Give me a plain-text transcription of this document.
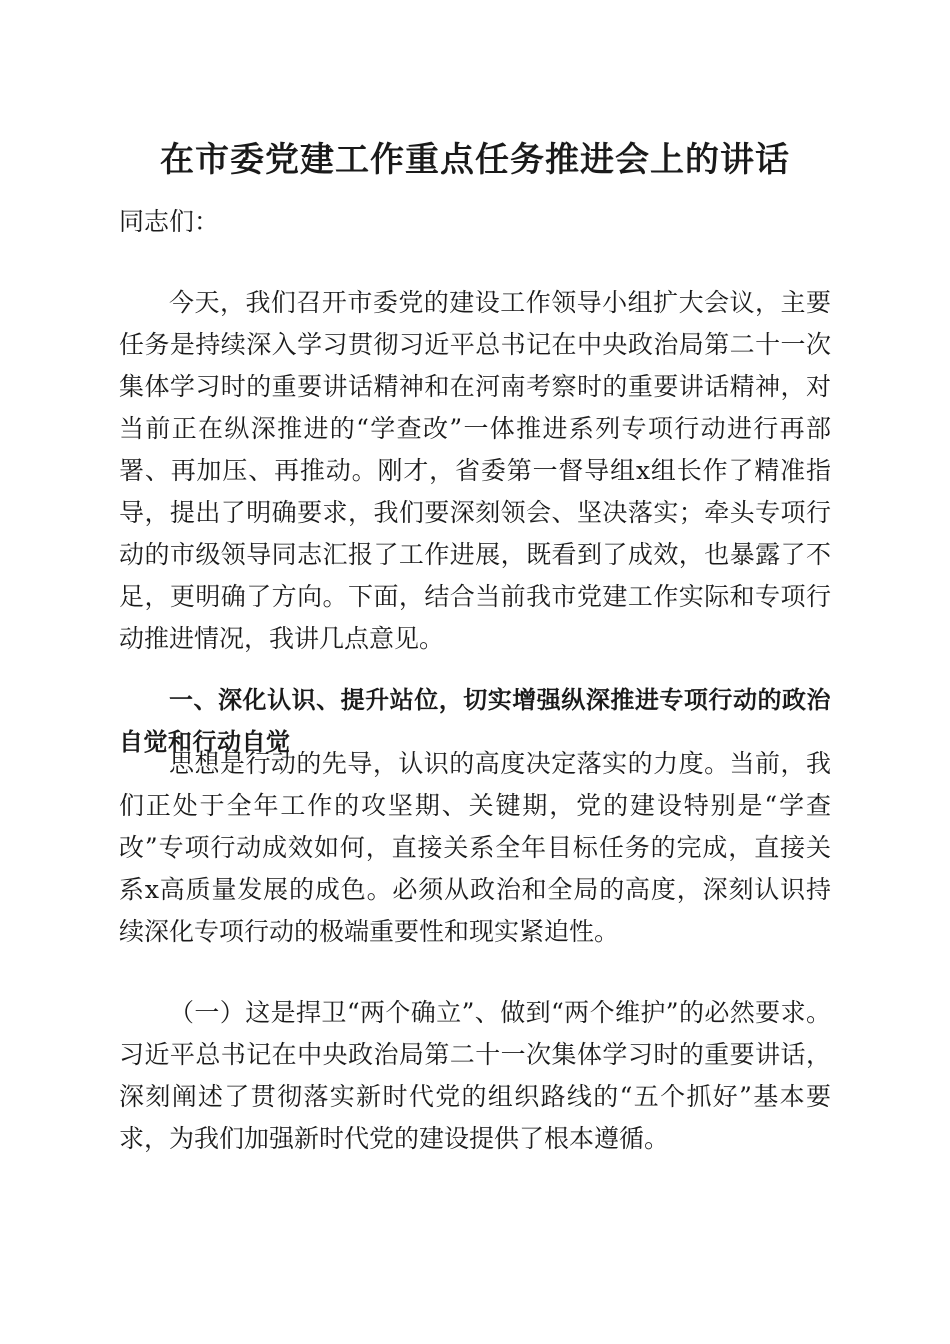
在市委党建工作重点任务推进会上的讲话

同志们：

今天，我们召开市委党的建设工作领导小组扩大会议，主要任务是持续深入学习贯彻习近平总书记在中央政治局第二十一次集体学习时的重要讲话精神和在河南考察时的重要讲话精神，对当前正在纵深推进的“学查改”一体推进系列专项行动进行再部署、再加压、再推动。刚才，省委第一督导组x组长作了精准指导，提出了明确要求，我们要深刻领会、坚决落实；牵头专项行动的市级领导同志汇报了工作进展，既看到了成效，也暴露了不足，更明确了方向。下面，结合当前我市党建工作实际和专项行动推进情况，我讲几点意见。

一、深化认识、提升站位，切实增强纵深推进专项行动的政治自觉和行动自觉

思想是行动的先导，认识的高度决定落实的力度。当前，我们正处于全年工作的攻坚期、关键期，党的建设特别是“学查改”专项行动成效如何，直接关系全年目标任务的完成，直接关系x高质量发展的成色。必须从政治和全局的高度，深刻认识持续深化专项行动的极端重要性和现实紧迫性。

（一）这是捍卫“两个确立”、做到“两个维护”的必然要求。习近平总书记在中央政治局第二十一次集体学习时的重要讲话，深刻阐述了贯彻落实新时代党的组织路线的“五个抓好”基本要求，为我们加强新时代党的建设提供了根本遵循。
